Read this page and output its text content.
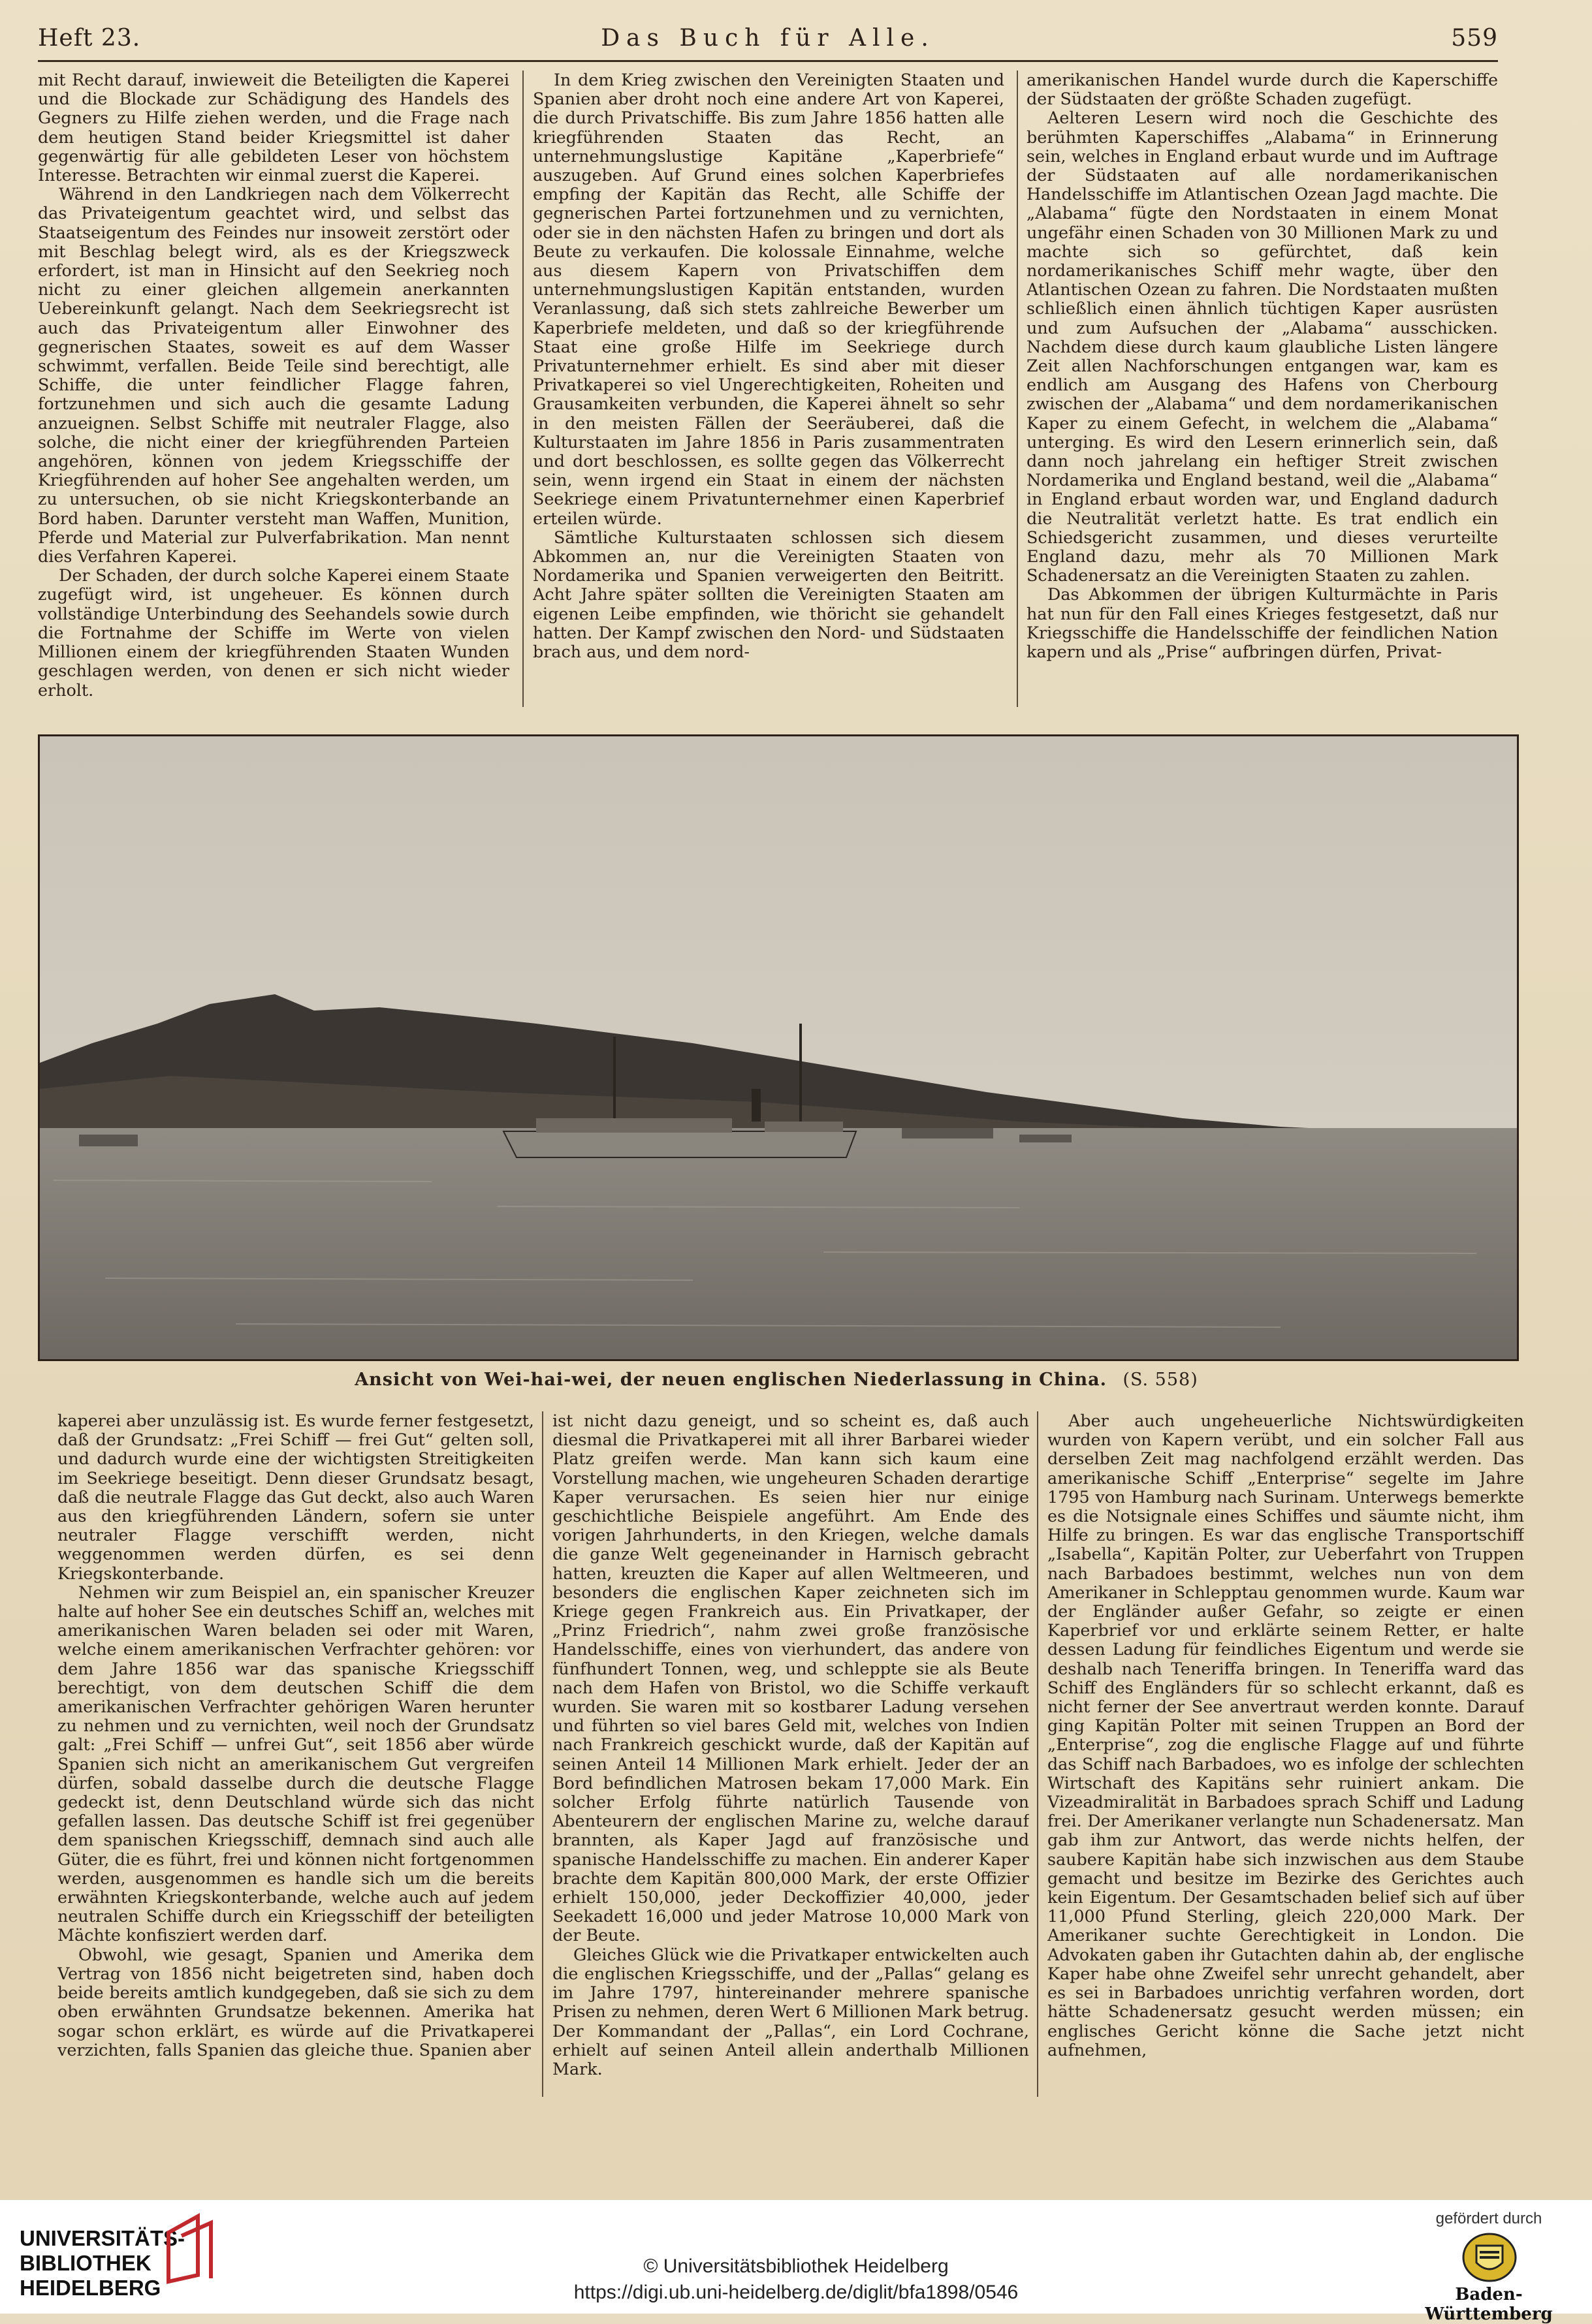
Heft 23.	Das Buch für Alle.	559

mit Recht darauf, inwieweit die Beteiligten die Kaperei und die Blockade zur Schädigung des Handels des Gegners zu Hilfe ziehen werden, und die Frage nach dem heutigen Stand beider Kriegsmittel ist daher gegenwärtig für alle gebildeten Leser von höchstem Interesse. Betrachten wir einmal zuerst die Kaperei.

Während in den Landkriegen nach dem Völkerrecht das Privateigentum geachtet wird, und selbst das Staatseigentum des Feindes nur insoweit zerstört oder mit Beschlag belegt wird, als es der Kriegszweck erfordert, ist man in Hinsicht auf den Seekrieg noch nicht zu einer gleichen allgemein anerkannten Uebereinkunft gelangt. Nach dem Seekriegsrecht ist auch das Privateigentum aller Einwohner des gegnerischen Staates, soweit es auf dem Wasser schwimmt, verfallen. Beide Teile sind berechtigt, alle Schiffe, die unter feindlicher Flagge fahren, fortzunehmen und sich auch die gesamte Ladung anzueignen. Selbst Schiffe mit neutraler Flagge, also solche, die nicht einer der kriegführenden Parteien angehören, können von jedem Kriegsschiffe der Kriegführenden auf hoher See angehalten werden, um zu untersuchen, ob sie nicht Kriegskonterbande an Bord haben. Darunter versteht man Waffen, Munition, Pferde und Material zur Pulverfabrikation. Man nennt dies Verfahren Kaperei.

Der Schaden, der durch solche Kaperei einem Staate zugefügt wird, ist ungeheuer. Es können durch vollständige Unterbindung des Seehandels sowie durch die Fortnahme der Schiffe im Werte von vielen Millionen einem der kriegführenden Staaten Wunden geschlagen werden, von denen er sich nicht wieder erholt.

In dem Krieg zwischen den Vereinigten Staaten und Spanien aber droht noch eine andere Art von Kaperei, die durch Privatschiffe. Bis zum Jahre 1856 hatten alle kriegführenden Staaten das Recht, an unternehmungslustige Kapitäne „Kaperbriefe“ auszugeben. Auf Grund eines solchen Kaperbriefes empfing der Kapitän das Recht, alle Schiffe der gegnerischen Partei fortzunehmen und zu vernichten, oder sie in den nächsten Hafen zu bringen und dort als Beute zu verkaufen. Die kolossale Einnahme, welche aus diesem Kapern von Privatschiffen dem unternehmungslustigen Kapitän entstanden, wurden Veranlassung, daß sich stets zahlreiche Bewerber um Kaperbriefe meldeten, und daß so der kriegführende Staat eine große Hilfe im Seekriege durch Privatunternehmer erhielt. Es sind aber mit dieser Privatkaperei so viel Ungerechtigkeiten, Roheiten und Grausamkeiten verbunden, die Kaperei ähnelt so sehr in den meisten Fällen der Seeräuberei, daß die Kulturstaaten im Jahre 1856 in Paris zusammentraten und dort beschlossen, es sollte gegen das Völkerrecht sein, wenn irgend ein Staat in einem der nächsten Seekriege einem Privatunternehmer einen Kaperbrief erteilen würde.

Sämtliche Kulturstaaten schlossen sich diesem Abkommen an, nur die Vereinigten Staaten von Nordamerika und Spanien verweigerten den Beitritt. Acht Jahre später sollten die Vereinigten Staaten am eigenen Leibe empfinden, wie thöricht sie gehandelt hatten. Der Kampf zwischen den Nord- und Südstaaten brach aus, und dem nord-

amerikanischen Handel wurde durch die Kaperschiffe der Südstaaten der größte Schaden zugefügt.

Aelteren Lesern wird noch die Geschichte des berühmten Kaperschiffes „Alabama“ in Erinnerung sein, welches in England erbaut wurde und im Auftrage der Südstaaten auf alle nordamerikanischen Handelsschiffe im Atlantischen Ozean Jagd machte. Die „Alabama“ fügte den Nordstaaten in einem Monat ungefähr einen Schaden von 30 Millionen Mark zu und machte sich so gefürchtet, daß kein nordamerikanisches Schiff mehr wagte, über den Atlantischen Ozean zu fahren. Die Nordstaaten mußten schließlich einen ähnlich tüchtigen Kaper ausrüsten und zum Aufsuchen der „Alabama“ ausschicken. Nachdem diese durch kaum glaubliche Listen längere Zeit allen Nachforschungen entgangen war, kam es endlich am Ausgang des Hafens von Cherbourg zwischen der „Alabama“ und dem nordamerikanischen Kaper zu einem Gefecht, in welchem die „Alabama“ unterging. Es wird den Lesern erinnerlich sein, daß dann noch jahrelang ein heftiger Streit zwischen Nordamerika und England bestand, weil die „Alabama“ in England erbaut worden war, und England dadurch die Neutralität verletzt hatte. Es trat endlich ein Schiedsgericht zusammen, und dieses verurteilte England dazu, mehr als 70 Millionen Mark Schadenersatz an die Vereinigten Staaten zu zahlen.

Das Abkommen der übrigen Kulturmächte in Paris hat nun für den Fall eines Krieges festgesetzt, daß nur Kriegsschiffe die Handelsschiffe der feindlichen Nation kapern und als „Prise“ aufbringen dürfen, Privat-

Ansicht von Wei-hai-wei, der neuen englischen Niederlassung in China. (S. 558)

kaperei aber unzulässig ist. Es wurde ferner festgesetzt, daß der Grundsatz: „Frei Schiff — frei Gut“ gelten soll, und dadurch wurde eine der wichtigsten Streitigkeiten im Seekriege beseitigt. Denn dieser Grundsatz besagt, daß die neutrale Flagge das Gut deckt, also auch Waren aus den kriegführenden Ländern, sofern sie unter neutraler Flagge verschifft werden, nicht weggenommen werden dürfen, es sei denn Kriegskonterbande.

Nehmen wir zum Beispiel an, ein spanischer Kreuzer halte auf hoher See ein deutsches Schiff an, welches mit amerikanischen Waren beladen sei oder mit Waren, welche einem amerikanischen Verfrachter gehören: vor dem Jahre 1856 war das spanische Kriegsschiff berechtigt, von dem deutschen Schiff die dem amerikanischen Verfrachter gehörigen Waren herunter zu nehmen und zu vernichten, weil noch der Grundsatz galt: „Frei Schiff — unfrei Gut“, seit 1856 aber würde Spanien sich nicht an amerikanischem Gut vergreifen dürfen, sobald dasselbe durch die deutsche Flagge gedeckt ist, denn Deutschland würde sich das nicht gefallen lassen. Das deutsche Schiff ist frei gegenüber dem spanischen Kriegsschiff, demnach sind auch alle Güter, die es führt, frei und können nicht fortgenommen werden, ausgenommen es handle sich um die bereits erwähnten Kriegskonterbande, welche auch auf jedem neutralen Schiffe durch ein Kriegsschiff der beteiligten Mächte konfisziert werden darf.

Obwohl, wie gesagt, Spanien und Amerika dem Vertrag von 1856 nicht beigetreten sind, haben doch beide bereits amtlich kundgegeben, daß sie sich zu dem oben erwähnten Grundsatze bekennen. Amerika hat sogar schon erklärt, es würde auf die Privatkaperei verzichten, falls Spanien das gleiche thue. Spanien aber

ist nicht dazu geneigt, und so scheint es, daß auch diesmal die Privatkaperei mit all ihrer Barbarei wieder Platz greifen werde. Man kann sich kaum eine Vorstellung machen, wie ungeheuren Schaden derartige Kaper verursachen. Es seien hier nur einige geschichtliche Beispiele angeführt. Am Ende des vorigen Jahrhunderts, in den Kriegen, welche damals die ganze Welt gegeneinander in Harnisch gebracht hatten, kreuzten die Kaper auf allen Weltmeeren, und besonders die englischen Kaper zeichneten sich im Kriege gegen Frankreich aus. Ein Privatkaper, der „Prinz Friedrich“, nahm zwei große französische Handelsschiffe, eines von vierhundert, das andere von fünfhundert Tonnen, weg, und schleppte sie als Beute nach dem Hafen von Bristol, wo die Schiffe verkauft wurden. Sie waren mit so kostbarer Ladung versehen und führten so viel bares Geld mit, welches von Indien nach Frankreich geschickt wurde, daß der Kapitän auf seinen Anteil 14 Millionen Mark erhielt. Jeder der an Bord befindlichen Matrosen bekam 17,000 Mark. Ein solcher Erfolg führte natürlich Tausende von Abenteurern der englischen Marine zu, welche darauf brannten, als Kaper Jagd auf französische und spanische Handelsschiffe zu machen. Ein anderer Kaper brachte dem Kapitän 800,000 Mark, der erste Offizier erhielt 150,000, jeder Deckoffizier 40,000, jeder Seekadett 16,000 und jeder Matrose 10,000 Mark von der Beute.

Gleiches Glück wie die Privatkaper entwickelten auch die englischen Kriegsschiffe, und der „Pallas“ gelang es im Jahre 1797, hintereinander mehrere spanische Prisen zu nehmen, deren Wert 6 Millionen Mark betrug. Der Kommandant der „Pallas“, ein Lord Cochrane, erhielt auf seinen Anteil allein anderthalb Millionen Mark.

Aber auch ungeheuerliche Nichtswürdigkeiten wurden von Kapern verübt, und ein solcher Fall aus derselben Zeit mag nachfolgend erzählt werden. Das amerikanische Schiff „Enterprise“ segelte im Jahre 1795 von Hamburg nach Surinam. Unterwegs bemerkte es die Notsignale eines Schiffes und säumte nicht, ihm Hilfe zu bringen. Es war das englische Transportschiff „Isabella“, Kapitän Polter, zur Ueberfahrt von Truppen nach Barbadoes bestimmt, welches nun von dem Amerikaner in Schlepptau genommen wurde. Kaum war der Engländer außer Gefahr, so zeigte er einen Kaperbrief vor und erklärte seinem Retter, er halte dessen Ladung für feindliches Eigentum und werde sie deshalb nach Teneriffa bringen. In Teneriffa ward das Schiff des Engländers für so schlecht erkannt, daß es nicht ferner der See anvertraut werden konnte. Darauf ging Kapitän Polter mit seinen Truppen an Bord der „Enterprise“, zog die englische Flagge auf und führte das Schiff nach Barbadoes, wo es infolge der schlechten Wirtschaft des Kapitäns sehr ruiniert ankam. Die Vizeadmiralität in Barbadoes sprach Schiff und Ladung frei. Der Amerikaner verlangte nun Schadenersatz. Man gab ihm zur Antwort, das werde nichts helfen, der saubere Kapitän habe sich inzwischen aus dem Staube gemacht und besitze im Bezirke des Gerichtes auch kein Eigentum. Der Gesamtschaden belief sich auf über 11,000 Pfund Sterling, gleich 220,000 Mark. Der Amerikaner suchte Gerechtigkeit in London. Die Advokaten gaben ihr Gutachten dahin ab, der englische Kaper habe ohne Zweifel sehr unrecht gehandelt, aber es sei in Barbadoes unrichtig verfahren worden, dort hätte Schadenersatz gesucht werden müssen; ein englisches Gericht könne die Sache jetzt nicht aufnehmen,

UNIVERSITÄTS-
BIBLIOTHEK
HEIDELBERG
© Universitätsbibliothek Heidelberg
https://digi.ub.uni-heidelberg.de/diglit/bfa1898/0546
gefördert durch
Baden-Württemberg
